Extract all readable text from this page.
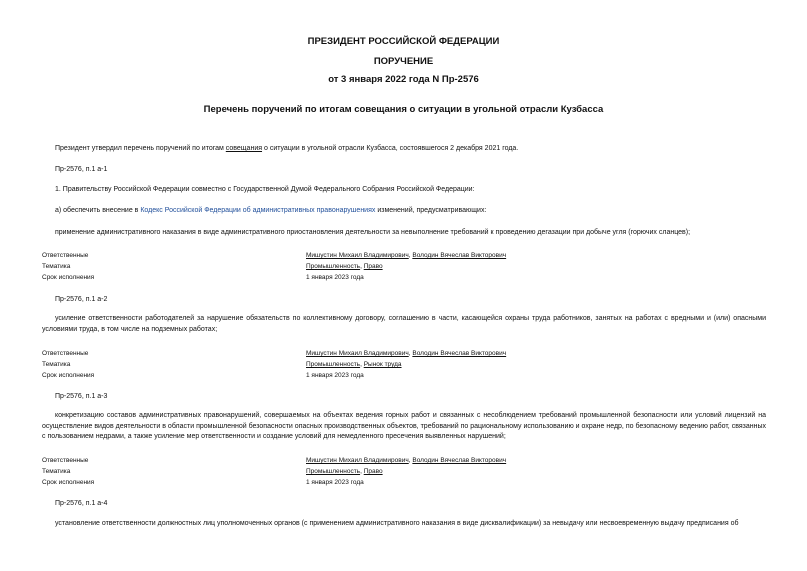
ПРЕЗИДЕНТ РОССИЙСКОЙ ФЕДЕРАЦИИ
ПОРУЧЕНИЕ
от 3 января 2022 года N Пр-2576
Перечень поручений по итогам совещания о ситуации в угольной отрасли Кузбасса
Президент утвердил перечень поручений по итогам совещания о ситуации в угольной отрасли Кузбасса, состоявшегося 2 декабря 2021 года.
Пр-2576, п.1 а-1
1. Правительству Российской Федерации совместно с Государственной Думой Федерального Собрания Российской Федерации:
а) обеспечить внесение в Кодекс Российской Федерации об административных правонарушениях изменений, предусматривающих:
применение административного наказания в виде административного приостановления деятельности за невыполнение требований к проведению дегазации при добыче угля (горючих сланцев);
Ответственные	Мишустин Михаил Владимирович, Володин Вячеслав Викторович
Тематика	Промышленность, Право
Срок исполнения	1 января 2023 года
Пр-2576, п.1 а-2
усиление ответственности работодателей за нарушение обязательств по коллективному договору, соглашению в части, касающейся охраны труда работников, занятых на работах с вредными и (или) опасными условиями труда, в том числе на подземных работах;
Ответственные	Мишустин Михаил Владимирович, Володин Вячеслав Викторович
Тематика	Промышленность, Рынок труда
Срок исполнения	1 января 2023 года
Пр-2576, п.1 а-3
конкретизацию составов административных правонарушений, совершаемых на объектах ведения горных работ и связанных с несоблюдением требований промышленной безопасности или условий лицензий на осуществление видов деятельности в области промышленной безопасности опасных производственных объектов, требований по рациональному использованию и охране недр, по безопасному ведению работ, связанных с пользованием недрами, а также усиление мер ответственности и создание условий для немедленного пресечения выявленных нарушений;
Ответственные	Мишустин Михаил Владимирович, Володин Вячеслав Викторович
Тематика	Промышленность, Право
Срок исполнения	1 января 2023 года
Пр-2576, п.1 а-4
установление ответственности должностных лиц уполномоченных органов (с применением административного наказания в виде дисквалификации) за невыдачу или несвоевременную выдачу предписания об
